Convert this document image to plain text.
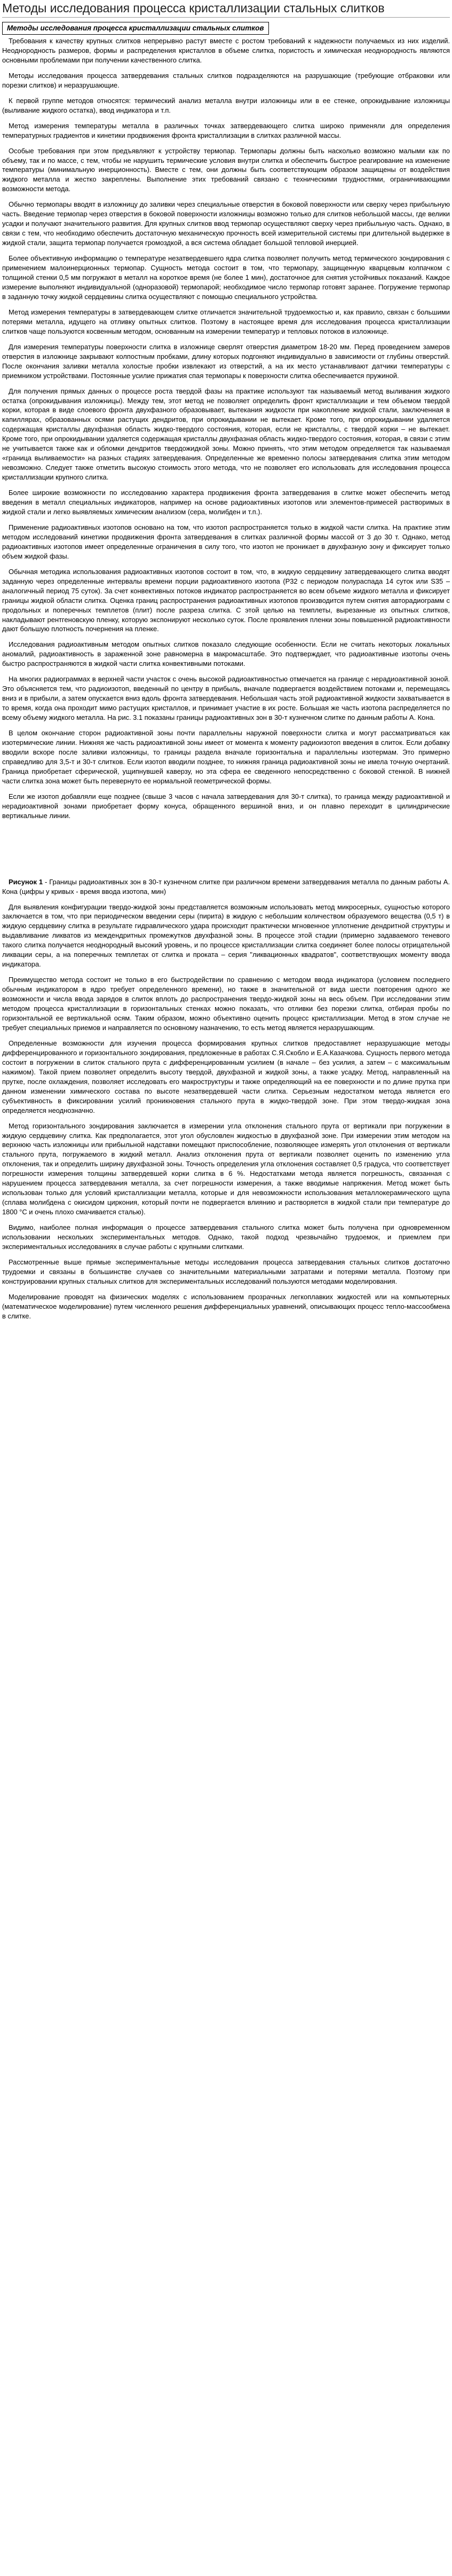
Методы исследования процесса кристаллизации стальных слитков
Методы исследования процесса кристаллизации стальных слитков

Требования к качеству крупных слитков непрерывно растут вместе с ростом требований к надежности получаемых из них изделий. Неоднородность размеров, формы и распределения кристаллов в объеме слитка, пористость и химическая неоднородность являются основными проблемами при получении качественного слитка.

Методы исследования процесса затвердевания стальных слитков подразделяются на разрушающие (требующие отбраковки или порезки слитков) и неразрушающие.

К первой группе методов относятся: термический анализ металла внутри изложницы или в ее стенке, опрокидывание изложницы (выливание жидкого остатка), ввод индикатора и т.п.

Метод измерения температуры металла в различных точках затвердевающего слитка широко применяли для определения температурных градиентов и кинетики продвижения фронта кристаллизации в слитках различной массы.

Особые требования при этом предъявляют к устройству термопар. Термопары должны быть насколько возможно малыми как по объему, так и по массе, с тем, чтобы не нарушить термические условия внутри слитка и обеспечить быстрое реагирование на изменение температуры (минимальную инерционность). Вместе с тем, они должны быть соответствующим образом защищены от воздействия жидкого металла и жестко закреплены. Выполнение этих требований связано с техническими трудностями, ограничивающими возможности метода.

Обычно термопары вводят в изложницу до заливки через специальные отверстия в боковой поверхности или сверху через прибыльную часть. Введение термопар через отверстия в боковой поверхности изложницы возможно только для слитков небольшой массы, где велики усадки и получают значительного развития. Для крупных слитков ввод термопар осуществляют сверху через прибыльную часть. Однако, в связи с тем, что необходимо обеспечить достаточную механическую прочность всей измерительной системы при длительной выдержке в жидкой стали, защита термопар получается громоздкой, а вся система обладает большой тепловой инерцией.

Более объективную информацию о температуре незатвердевшего ядра слитка позволяет получить метод термического зондирования с применением малоинерционных термопар. Сущность метода состоит в том, что термопару, защищенную кварцевым колпачком с толщиной стенки 0,5 мм погружают в металл на короткое время (не более 1 мин), достаточное для снятия устойчивых показаний. Каждое измерение выполняют индивидуальной (одноразовой) термопарой; необходимое число термопар готовят заранее. Погружение термопар в заданную точку жидкой сердцевины слитка осуществляют с помощью специального устройства.

Метод измерения температуры в затвердевающем слитке отличается значительной трудоемкостью и, как правило, связан с большими потерями металла, идущего на отливку опытных слитков. Поэтому в настоящее время для исследования процесса кристаллизации слитков чаще пользуются косвенным методом, основанным на измерении температур и тепловых потоков в изложнице.

Для измерения температуры поверхности слитка в изложнице сверлят отверстия диаметром 18-20 мм. Перед проведением замеров отверстия в изложнице закрывают колпостным пробками, длину которых подгоняют индивидуально в зависимости от глубины отверстий. После окончания заливки металла холостые пробки извлекают из отверстий, а на их место устанавливают датчики температуры с приемником устройствами. Постоянные усилие прижатия спая термопары к поверхности слитка обеспечивается пружиной.

Для получения прямых данных о процессе роста твердой фазы на практике используют так называемый метод выливания жидкого остатка (опрокидывания изложницы). Между тем, этот метод не позволяет определить фронт кристаллизации и тем объемом твердой корки, которая в виде слоевого фронта двухфазного образовывает, вытекания жидкости при накопление жидкой стали, заключенная в капиллярах, образованных осями растущих дендритов, при опрокидывании не вытекает. Кроме того, при опрокидывании удаляется содержащая кристаллы двухфазная область жидко-твердого состояния, которая, если не кристаллы, с твердой корки ‒ не вытекает. Кроме того, при опрокидывании удаляется содержащая кристаллы двухфазная область жидко-твердого состояния, которая, в связи с этим не учитывается также как и обломки дендритов твердожидкой зоны. Можно принять, что этим методом определяется так называемая «граница выливаемости» на разных стадиях затвердевания. Определенные же временно полосы затвердевания слитка этим методом невозможно. Следует также отметить высокую стоимость этого метода, что не позволяет его использовать для исследования процесса кристаллизации крупного слитка.

Более широкие возможности по исследованию характера продвижения фронта затвердевания в слитке может обеспечить метод введения в металл специальных индикаторов, например на основе радиоактивных изотопов или элементов-примесей растворимых в жидкой стали и легко выявляемых химическим анализом (сера, молибден и т.п.).

Применение радиоактивных изотопов основано на том, что изотоп распространяется только в жидкой части слитка. На практике этим методом исследований кинетики продвижения фронта затвердевания в слитках различной формы массой от 3 до 30 т. Однако, метод радиоактивных изотопов имеет определенные ограничения в силу того, что изотоп не проникает в двухфазную зону и фиксирует только объем жидкой фазы.

Обычная методика использования радиоактивных изотопов состоит в том, что, в жидкую сердцевину затвердевающего слитка вводят заданную через определенные интервалы времени порции радиоактивного изотопа (P32 с периодом полураспада 14 суток или S35 ‒ аналогичный период 75 суток). За счет конвективных потоков индикатор распространяется во всем объеме жидкого металла и фиксирует границы жидкой области слитка. Оценка границ распространения радиоактивных изотопов производится путем снятия авторадиограмм с продольных и поперечных темплетов (плит) после разреза слитка. С этой целью на темплеты, вырезанные из опытных слитков, накладывают рентгеновскую пленку, которую экспонируют несколько суток. После проявления пленки зоны повышенной радиоактивности дают большую плотность почернения на пленке.

Исследования радиоактивным методом опытных слитков показало следующие особенности. Если не считать некоторых локальных аномалий, радиоактивность в зараженной зоне равномерна в макромасштабе. Это подтверждает, что радиоактивные изотопы очень быстро распространяются в жидкой части слитка конвективными потоками.

На многих радиограммах в верхней части участок с очень высокой радиоактивностью отмечается на границе с нерадиоактивной зоной. Это объясняется тем, что радиоизотоп, введенный по центру в прибыль, вначале подвергается воздействием потоками и, перемещаясь вниз и в прибыли, а затем опускается вниз вдоль фронта затвердевания. Небольшая часть этой радиоактивной жидкости захватывается в то время, когда она проходит мимо растущих кристаллов, и принимает участие в их росте. Большая же часть изотопа распределяется по всему объему жидкого металла. На рис. 3.1 показаны границы радиоактивных зон в 30-т кузнечном слитке по данным работы А. Кона.

В целом окончание сторон радиоактивной зоны почти параллельны наружной поверхности слитка и могут рассматриваться как изотермические линии. Нижняя же часть радиоактивной зоны имеет от момента к моменту радиоизотоп введения в слиток. Если добавку вводили вскоре после заливки изложницы, то границы раздела вначале горизонтальна и параллельны изотермам. Это примерно справедливо для 3,5-т и 30-т слитков. Если изотоп вводили позднее, то нижняя граница радиоактивной зоны не имела точную очертаний. Граница приобретает сферической, ущипнувшей каверзу, но эта сфера ее сведенного непосредственно с боковой стенкой. В нижней части слитка зона может быть перевернуто ее нормальной геометрической формы.

Если же изотоп добавляли еще позднее (свыше 3 часов с начала затвердевания для 30-т слитка), то граница между радиоактивной и нерадиоактивной зонами приобретает форму конуса, обращенного вершиной вниз, и он плавно переходит в цилиндрические вертикальные линии.

Рисунок 1 - Границы радиоактивных зон в 30-т кузнечном слитке при различном времени затвердевания металла по данным работы А. Кона (цифры у кривых - время ввода изотопа, мин)

Для выявления конфигурации твердо-жидкой зоны представляется возможным использовать метод микросерных, сущностью которого заключается в том, что при периодическом введении серы (пирита) в жидкую с небольшим количеством образуемого вещества (0,5 т) в жидкую сердцевину слитка в результате гидравлического удара происходит практически мгновенное уплотнение дендритной структуры и выдавливание ликватов из междендритных промежутков двухфазной зоны. В процессе этой стадии (примерно задаваемого теневого такого слитка получается неоднородный высокий уровень, и по процессе кристаллизации слитка соединяет более полосы отрицательной ликвации серы, а на поперечных темплетах от слитка и проката ‒ серия "ликвационных квадратов", соответствующих моменту ввода индикатора.

Преимущество метода состоит не только в его быстродействии по сравнению с методом ввода индикатора (условием последнего обычным индикатором в ядро требует определенного времени), но также в значительной от вида шести повторения одного же возможности и числа ввода зарядов в слиток вплоть до распространения твердо-жидкой зоны на весь объем. При исследовании этим методом процесса кристаллизации в горизонтальных стенках можно показать, что отливки без порезки слитка, отбирая пробы по горизонтальной ее вертикальной осям. Таким образом, можно объективно оценить процесс кристаллизации. Метод в этом случае не требует специальных приемов и направляется по основному назначению, то есть метод является неразрушающим.

Определенные возможности для изучения процесса формирования крупных слитков предоставляет неразрушающие методы дифференцированного и горизонтального зондирования, предложенные в работах С.Я.Скобло и Е.А.Казачкова. Сущность первого метода состоит в погружении в слиток стального прута с дифференцированным усилием (в начале ‒ без усилия, а затем ‒ с максимальным нажимом). Такой прием позволяет определить высоту твердой, двухфазной и жидкой зоны, а также усадку. Метод, направленный на прутке, после охлаждения, позволяет исследовать его макроструктуры и также определяющий на ее поверхности и по длине прутка при данном изменении химического состава по высоте незатвердевшей части слитка. Серьезным недостатком метода является его субъективность в фиксировании усилий проникновения стального прута в жидко-твердой зоне. При этом твердо-жидкая зона определяется неоднозначно.

Метод горизонтального зондирования заключается в измерении угла отклонения стального прута от вертикали при погружении в жидкую сердцевину слитка. Как предполагается, этот угол обусловлен жидкостью в двухфазной зоне. При измерении этим методом на верхнюю часть изложницы или прибыльной надставки помещают приспособление, позволяющее измерять угол отклонения от вертикали стального прута, погружаемого в жидкий металл. Анализ отклонения прута от вертикали позволяет оценить по изменению угла отклонения, так и определить ширину двухфазной зоны. Точность определения угла отклонения составляет 0,5 градуса, что соответствует погрешности измерения толщины затвердевшей корки слитка в 6 %. Недостатками метода является погрешность, связанная с нарушением процесса затвердевания металла, за счет погрешности измерения, а также вводимые напряжения. Метод может быть использован только для условий кристаллизации металла, которые и для невозможности использования металлокерамического щупа (сплава молибдена с окисидом циркония, который почти не подвергается влиянию и растворяется в жидкой стали при температуре до 1800 °С и очень плохо смачивается сталью).

Видимо, наиболее полная информация о процессе затвердевания стального слитка может быть получена при одновременном использовании нескольких экспериментальных методов. Однако, такой подход чрезвычайно трудоемок, и приемлем при экспериментальных исследованиях в случае работы с крупными слитками.

Рассмотренные выше прямые экспериментальные методы исследования процесса затвердевания стальных слитков достаточно трудоемки и связаны в большинстве случаев со значительными материальными затратами и потерями металла. Поэтому при конструировании крупных стальных слитков для экспериментальных исследований пользуются методами моделирования.

Моделирование проводят на физических моделях с использованием прозрачных легкоплавких жидкостей или на компьютерных (математическое моделирование) путем численного решения дифференциальных уравнений, описывающих процесс тепло-массообмена в слитке.
